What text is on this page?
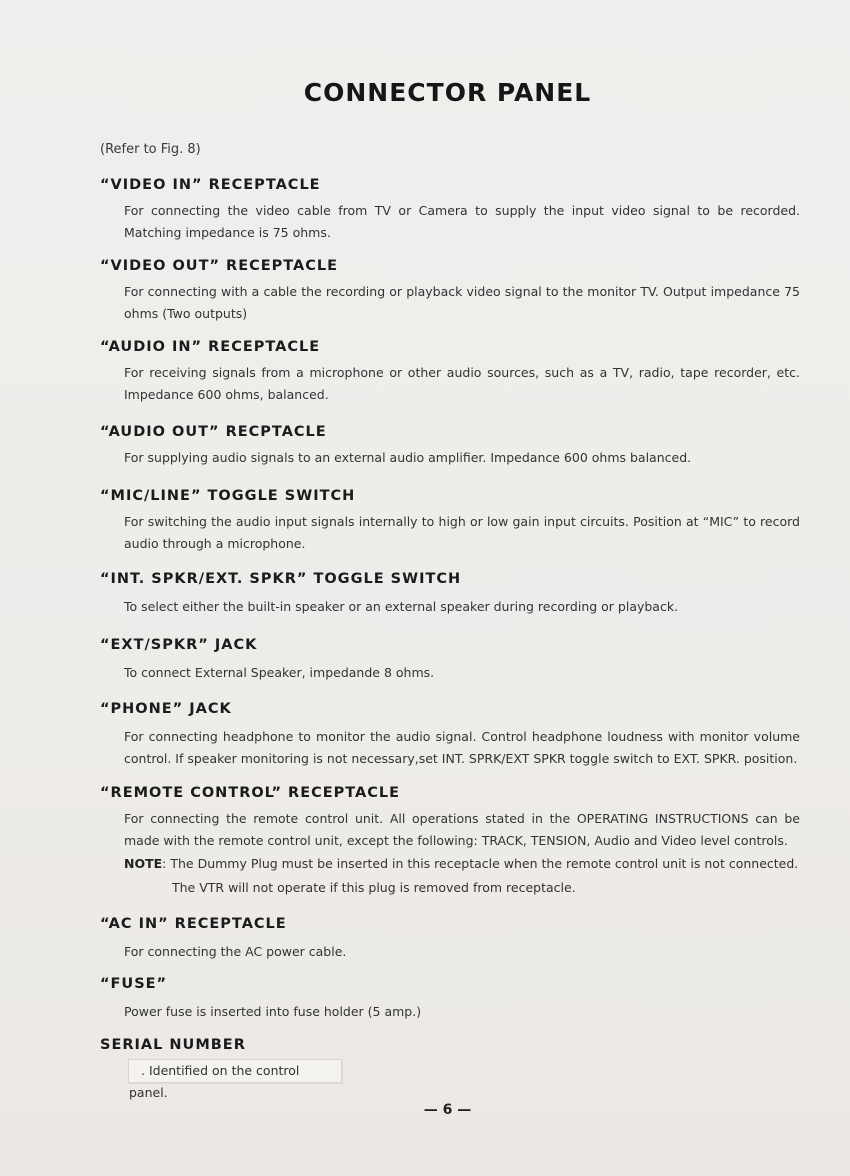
CONNECTOR PANEL
(Refer to Fig. 8)
“VIDEO IN” RECEPTACLE
For connecting the video cable from TV or Camera to supply the input video signal to be recorded. Matching impedance is 75 ohms.
“VIDEO OUT” RECEPTACLE
For connecting with a cable the recording or playback video signal to the monitor TV. Output impedance 75 ohms (Two outputs)
“AUDIO IN” RECEPTACLE
For receiving signals from a microphone or other audio sources, such as a TV, radio, tape recorder, etc. Impedance 600 ohms, balanced.
“AUDIO OUT” RECPTACLE
For supplying audio signals to an external audio amplifier. Impedance 600 ohms balanced.
“MIC/LINE” TOGGLE SWITCH
For switching the audio input signals internally to high or low gain input circuits. Position at “MIC” to record audio through a microphone.
“INT. SPKR/EXT. SPKR” TOGGLE SWITCH
To select either the built-in speaker or an external speaker during recording or playback.
“EXT/SPKR” JACK
To connect External Speaker, impedande 8 ohms.
“PHONE” JACK
For connecting headphone to monitor the audio signal. Control headphone loudness with monitor volume control. If speaker monitoring is not necessary,set INT. SPRK/EXT SPKR toggle switch to EXT. SPKR. position.
“REMOTE CONTROL” RECEPTACLE
For connecting the remote control unit. All operations stated in the OPERATING INSTRUCTIONS can be made with the remote control unit, except the following: TRACK, TENSION, Audio and Video level controls.
NOTE: The Dummy Plug must be inserted in this receptacle when the remote control unit is not connected.
The VTR will not operate if this plug is removed from receptacle.
“AC IN” RECEPTACLE
For connecting the AC power cable.
“FUSE”
Power fuse is inserted into fuse holder (5 amp.)
SERIAL NUMBER
. Identified on the control panel.
— 6 —
